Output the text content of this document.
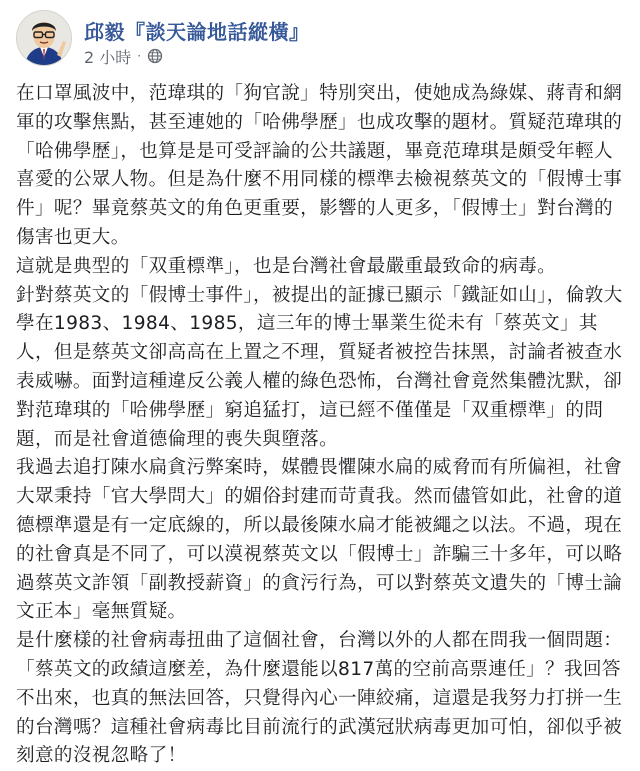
邱毅『談天論地話縱橫』
2 小時 ·

在口罩風波中，范瑋琪的「狗官說」特別突出，使她成為綠媒、蔣青和網軍的攻擊焦點，甚至連她的「哈佛學歷」也成攻擊的題材。質疑范瑋琪的「哈佛學歷」，也算是是可受評論的公共議題，畢竟范瑋琪是頗受年輕人喜愛的公眾人物。但是為什麼不用同樣的標準去檢視蔡英文的「假博士事件」呢？畢竟蔡英文的角色更重要，影響的人更多，「假博士」對台灣的傷害也更大。

這就是典型的「双重標準」，也是台灣社會最嚴重最致命的病毒。

針對蔡英文的「假博士事件」，被提出的証據已顯示「鐵証如山」，倫敦大學在1983、1984、1985，這三年的博士畢業生從未有「蔡英文」其人，但是蔡英文卻高高在上置之不理，質疑者被控告抹黑，討論者被查水表威嚇。面對這種違反公義人權的綠色恐怖，台灣社會竟然集體沈默，卻對范瑋琪的「哈佛學歷」窮追猛打，這已經不僅僅是「双重標準」的問題，而是社會道德倫理的喪失與墮落。

我過去追打陳水扁貪污弊案時，媒體畏懼陳水扁的威脅而有所偏袒，社會大眾秉持「官大學問大」的媚俗封建而苛責我。然而儘管如此，社會的道德標準還是有一定底線的，所以最後陳水扁才能被繩之以法。不過，現在的社會真是不同了，可以漠視蔡英文以「假博士」詐騙三十多年，可以略過蔡英文詐領「副教授薪資」的貪污行為，可以對蔡英文遺失的「博士論文正本」毫無質疑。

是什麼樣的社會病毒扭曲了這個社會，台灣以外的人都在問我一個問題：「蔡英文的政績這麼差，為什麼還能以817萬的空前高票連任」？我回答不出來，也真的無法回答，只覺得內心一陣絞痛，這還是我努力打拼一生的台灣嗎？這種社會病毒比目前流行的武漢冠狀病毒更加可怕，卻似乎被刻意的沒視忽略了！
